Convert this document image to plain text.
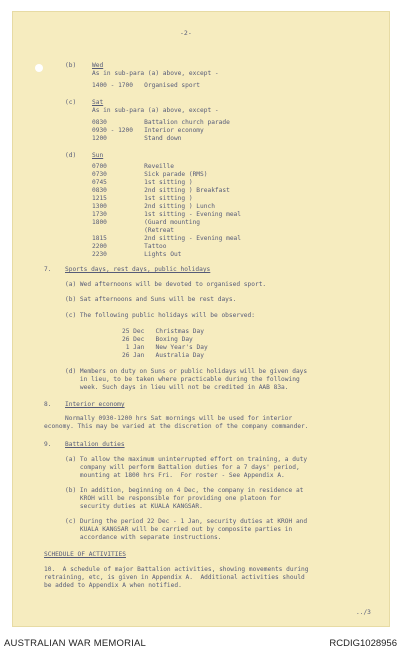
-2-
(b)	Wed
As in sub-para (a) above, except -
1400 - 1700   Organised sport
(c)	Sat
As in sub-para (a) above, except -
0830          Battalion church parade
0930 - 1200   Interior economy
1200          Stand down
(d)	Sun
0700          Reveille
0730          Sick parade (RMS)
0745          1st sitting )
0830          2nd sitting ) Breakfast
1215          1st sitting )
1300          2nd sitting ) Lunch
1730          1st sitting - Evening meal
1800          (Guard mounting
(Retreat
1815          2nd sitting - Evening meal
2200          Tattoo
2230          Lights Out
7. Sports days, rest days, public holidays
(a) Wed afternoons will be devoted to organised sport.
(b) Sat afternoons and Suns will be rest days.
(c) The following public holidays will be observed:
25 Dec   Christmas Day
26 Dec   Boxing Day
1 Jan   New Year's Day
26 Jan   Australia Day
(d) Members on duty on Suns or public holidays will be given days
in lieu, to be taken where practicable during the following
week. Such days in lieu will not be credited in AAB 83a.
8. Interior economy
Normally 0930-1200 hrs Sat mornings will be used for interior
economy. This may be varied at the discretion of the company commander.
9. Battalion duties
(a) To allow the maximum uninterrupted effort on training, a duty
company will perform Battalion duties for a 7 days' period,
mounting at 1800 hrs Fri.  For roster - See Appendix A.
(b) In addition, beginning on 4 Dec, the company in residence at
KROH will be responsible for providing one platoon for
security duties at KUALA KANGSAR.
(c) During the period 22 Dec - 1 Jan, security duties at KROH and
KUALA KANGSAR will be carried out by composite parties in
accordance with separate instructions.
SCHEDULE OF ACTIVITIES
10.  A schedule of major Battalion activities, showing movements during
retraining, etc, is given in Appendix A.  Additional activities should
be added to Appendix A when notified.
../3
AUSTRALIAN WAR MEMORIAL	RCDIG1028956
